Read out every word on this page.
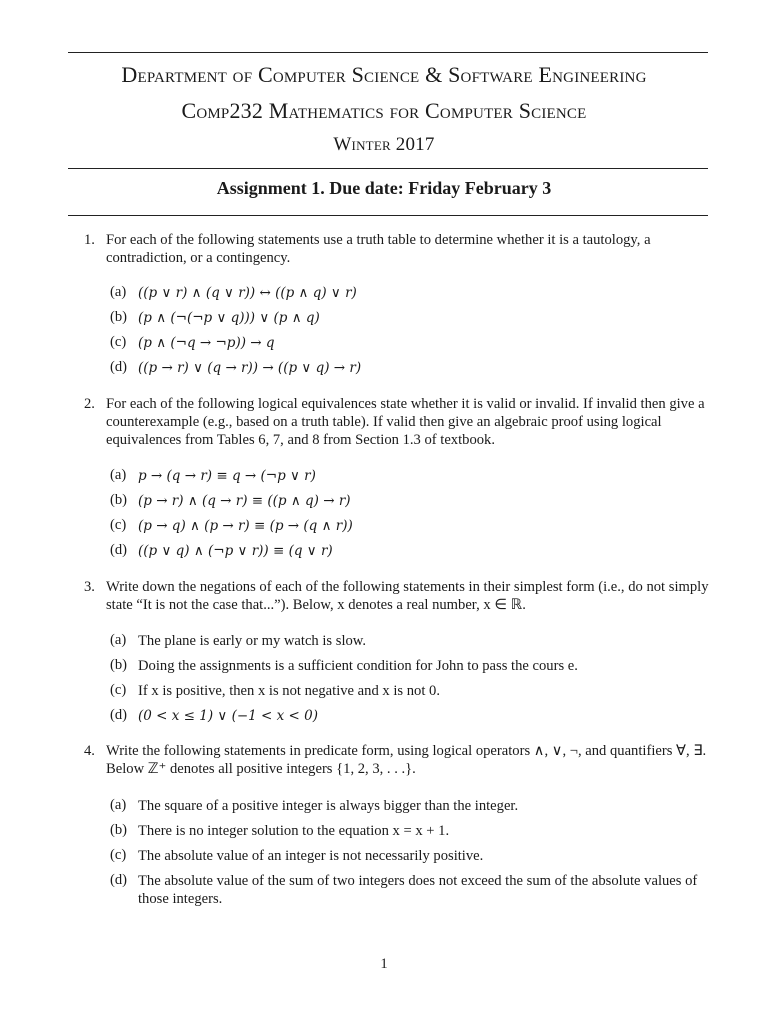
Department of Computer Science & Software Engineering
Comp232 Mathematics for Computer Science
Winter 2017
Assignment 1. Due date: Friday February 3
1. For each of the following statements use a truth table to determine whether it is a tautology, a contradiction, or a contingency.
(a) ((p ∨ r) ∧ (q ∨ r)) ↔ ((p ∧ q) ∨ r)
(b) (p ∧ (¬(¬p ∨ q))) ∨ (p ∧ q)
(c) (p ∧ (¬q → ¬p)) → q
(d) ((p → r) ∨ (q → r)) → ((p ∨ q) → r)
2. For each of the following logical equivalences state whether it is valid or invalid. If invalid then give a counterexample (e.g., based on a truth table). If valid then give an algebraic proof using logical equivalences from Tables 6, 7, and 8 from Section 1.3 of textbook.
(a) p → (q → r) ≡ q → (¬p ∨ r)
(b) (p → r) ∧ (q → r) ≡ ((p ∧ q) → r)
(c) (p → q) ∧ (p → r) ≡ (p → (q ∧ r))
(d) ((p ∨ q) ∧ (¬p ∨ r)) ≡ (q ∨ r)
3. Write down the negations of each of the following statements in their simplest form (i.e., do not simply state “It is not the case that...”). Below, x denotes a real number, x ∈ ℝ.
(a) The plane is early or my watch is slow.
(b) Doing the assignments is a sufficient condition for John to pass the cours e.
(c) If x is positive, then x is not negative and x is not 0.
(d) (0 < x ≤ 1) ∨ (−1 < x < 0)
4. Write the following statements in predicate form, using logical operators ∧, ∨, ¬, and quantifiers ∀, ∃. Below ℤ⁺ denotes all positive integers {1, 2, 3, . . .}.
(a) The square of a positive integer is always bigger than the integer.
(b) There is no integer solution to the equation x = x + 1.
(c) The absolute value of an integer is not necessarily positive.
(d) The absolute value of the sum of two integers does not exceed the sum of the absolute values of those integers.
1
